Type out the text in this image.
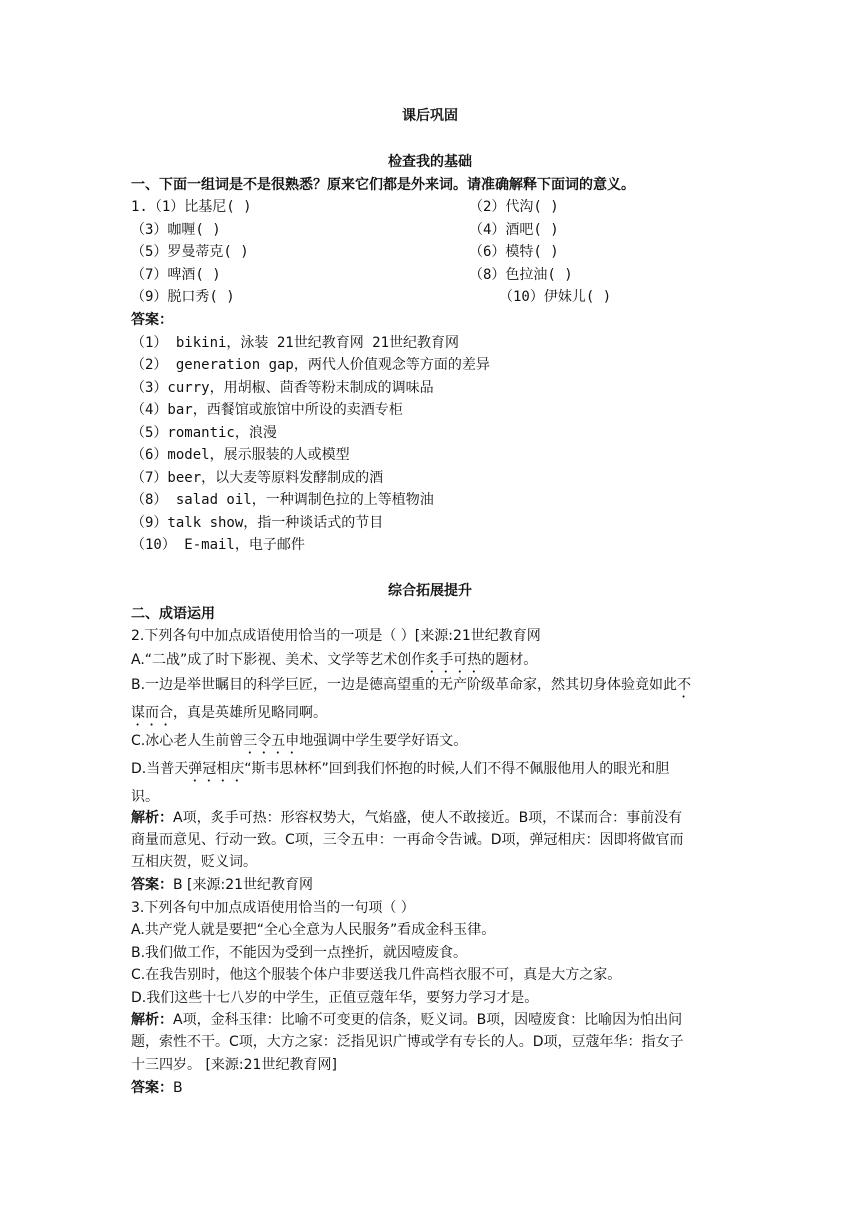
课后巩固
检查我的基础
一、下面一组词是不是很熟悉？原来它们都是外来词。请准确解释下面词的意义。
1.（1）比基尼( )
（3）咖喱( )
（5）罗曼蒂克( )
（7）啤酒( )
（9）脱口秀( )
（2）代沟( )
（4）酒吧( )
（6）模特( )
（8）色拉油( )
（10）伊妹儿( )
答案：
（1） bikini，泳装 21世纪教育网 21世纪教育网
（2） generation gap，两代人价值观念等方面的差异
（3）curry，用胡椒、茴香等粉末制成的调味品
（4）bar，西餐馆或旅馆中所设的卖酒专柜
（5）romantic，浪漫
（6）model，展示服装的人或模型
（7）beer，以大麦等原料发酵制成的酒
（8） salad oil，一种调制色拉的上等植物油
（9）talk show，指一种谈话式的节目
（10） E-mail，电子邮件
综合拓展提升
二、成语运用
2.下列各句中加点成语使用恰当的一项是（ ）[来源:21世纪教育网
A.“二战”成了时下影视、美术、文学等艺术创作炙手可热的题材。
B.一边是举世瞩目的科学巨匠，一边是德高望重的无产阶级革命家，然其切身体验竟如此不
谋而合，真是英雄所见略同啊。
C.冰心老人生前曾三令五申地强调中学生要学好语文。
D.当普天弹冠相庆“斯韦思林杯”回到我们怀抱的时候,人们不得不佩服他用人的眼光和胆
识。
解析：A项，炙手可热：形容权势大，气焰盛，使人不敢接近。B项，不谋而合：事前没有
商量而意见、行动一致。C项，三令五申：一再命令告诫。D项，弹冠相庆：因即将做官而
互相庆贺，贬义词。
答案：B [来源:21世纪教育网
3.下列各句中加点成语使用恰当的一句项（ ）
A.共产党人就是要把“全心全意为人民服务”看成金科玉律。
B.我们做工作，不能因为受到一点挫折，就因噎废食。
C.在我告别时，他这个服装个体户非要送我几件高档衣服不可，真是大方之家。
D.我们这些十七八岁的中学生，正值豆蔻年华，要努力学习才是。
解析：A项，金科玉律：比喻不可变更的信条，贬义词。B项，因噎废食：比喻因为怕出问
题，索性不干。C项，大方之家：泛指见识广博或学有专长的人。D项，豆蔻年华：指女子
十三四岁。 [来源:21世纪教育网]
答案：B
